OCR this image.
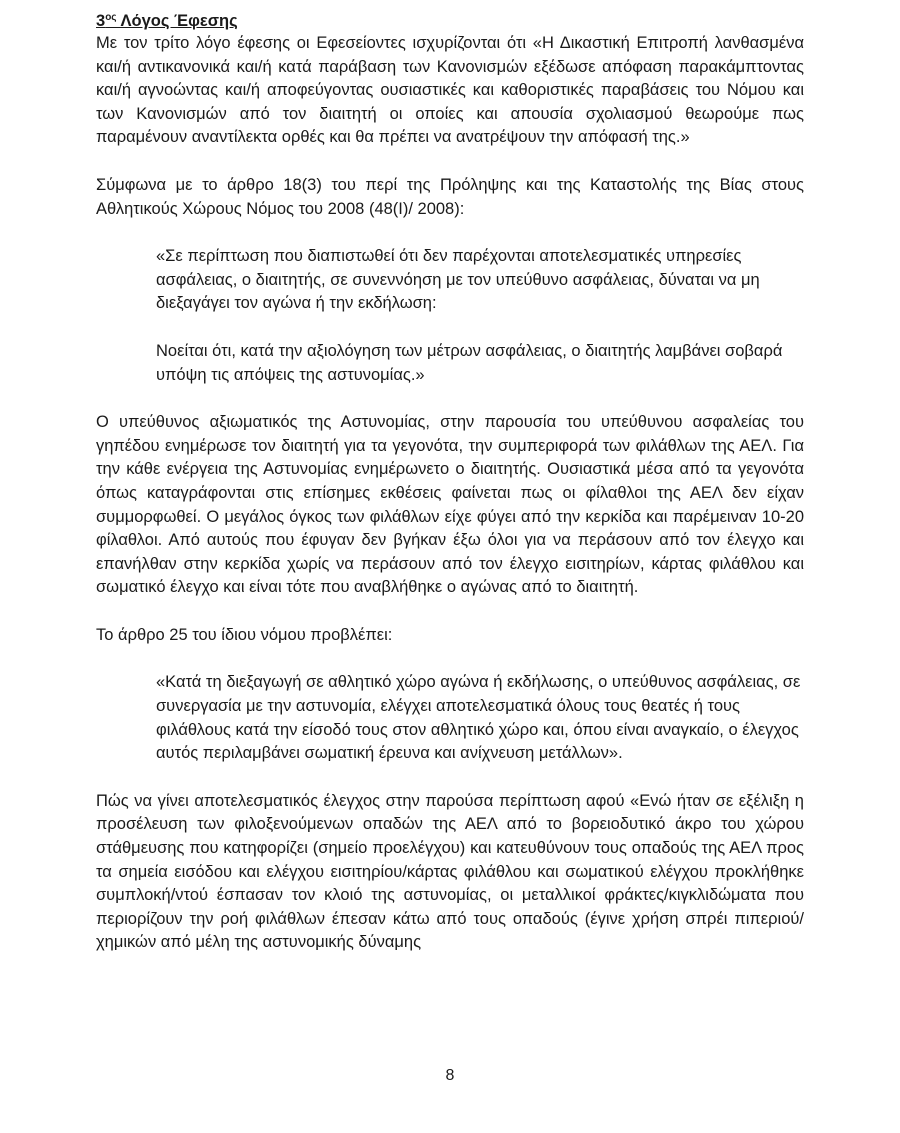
$3^{o\varsigma}$ Λόγος Έφεσης

Με τον τρίτο λόγο έφεσης οι Εφεσείοντες ισχυρίζονται ότι «Η Δικαστική Επιτροπή λανθασμένα και/ή αντικανονικά και/ή κατά παράβαση των Κανονισμών εξέδωσε απόφαση παρακάμπτοντας και/ή αγνοώντας και/ή αποφεύγοντας ουσιαστικές και καθοριστικές παραβάσεις του Νόμου και των Κανονισμών από τον διαιτητή οι οποίες και απουσία σχολιασμού θεωρούμε πως παραμένουν αναντίλεκτα ορθές και θα πρέπει να ανατρέψουν την απόφασή της.»

Σύμφωνα με το άρθρο 18(3) του περί της Πρόληψης και της Καταστολής της Βίας στους Αθλητικούς Χώρους Νόμος του 2008 (48(Ι)/ 2008):

«Σε περίπτωση που διαπιστωθεί ότι δεν παρέχονται αποτελεσματικές υπηρεσίες ασφάλειας, ο διαιτητής, σε συνεννόηση με τον υπεύθυνο ασφάλειας, δύναται να μη διεξαγάγει τον αγώνα ή την εκδήλωση:

Νοείται ότι, κατά την αξιολόγηση των μέτρων ασφάλειας, ο διαιτητής λαμβάνει σοβαρά υπόψη τις απόψεις της αστυνομίας.»

Ο υπεύθυνος αξιωματικός της Αστυνομίας, στην παρουσία του υπεύθυνου ασφαλείας του γηπέδου ενημέρωσε τον διαιτητή για τα γεγονότα, την συμπεριφορά των φιλάθλων της ΑΕΛ. Για την κάθε ενέργεια της Αστυνομίας ενημέρωνετο ο διαιτητής. Ουσιαστικά μέσα από τα γεγονότα όπως καταγράφονται στις επίσημες εκθέσεις φαίνεται πως οι φίλαθλοι της ΑΕΛ δεν είχαν συμμορφωθεί. Ο μεγάλος όγκος των φιλάθλων είχε φύγει από την κερκίδα και παρέμειναν 10-20 φίλαθλοι. Από αυτούς που έφυγαν δεν βγήκαν έξω όλοι για να περάσουν από τον έλεγχο και επανήλθαν στην κερκίδα χωρίς να περάσουν από τον έλεγχο εισιτηρίων, κάρτας φιλάθλου και σωματικό έλεγχο και είναι τότε που αναβλήθηκε ο αγώνας από το διαιτητή.

Το άρθρο 25 του ίδιου νόμου προβλέπει:

«Κατά τη διεξαγωγή σε αθλητικό χώρο αγώνα ή εκδήλωσης, ο υπεύθυνος ασφάλειας, σε συνεργασία με την αστυνομία, ελέγχει αποτελεσματικά όλους τους θεατές ή τους φιλάθλους κατά την είσοδό τους στον αθλητικό χώρο και, όπου είναι αναγκαίο, ο έλεγχος αυτός περιλαμβάνει σωματική έρευνα και ανίχνευση μετάλλων».

Πώς να γίνει αποτελεσματικός έλεγχος στην παρούσα περίπτωση αφού «Ενώ ήταν σε εξέλιξη η προσέλευση των φιλοξενούμενων οπαδών της ΑΕΛ από το βορειοδυτικό άκρο του χώρου στάθμευσης που κατηφορίζει (σημείο προελέγχου) και κατευθύνουν τους οπαδούς της ΑΕΛ προς τα σημεία εισόδου και ελέγχου εισιτηρίου/κάρτας φιλάθλου και σωματικού ελέγχου προκλήθηκε συμπλοκή/ντού έσπασαν τον κλοιό της αστυνομίας, οι μεταλλικοί φράκτες/κιγκλιδώματα που περιορίζουν την ροή φιλάθλων έπεσαν κάτω από τους οπαδούς (έγινε χρήση σπρέι πιπεριού/χημικών από μέλη της αστυνομικής δύναμης

8
